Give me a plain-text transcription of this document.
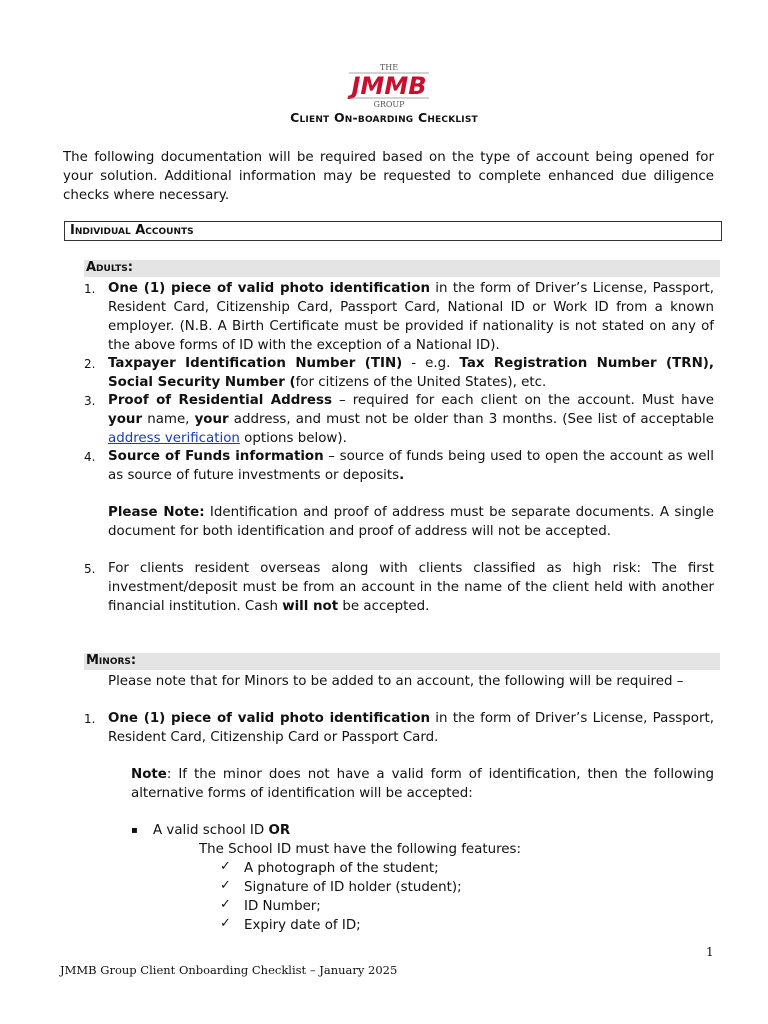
THE
JMMB
GROUP
Client On-boarding Checklist
The following documentation will be required based on the type of account being opened for your solution. Additional information may be requested to complete enhanced due diligence checks where necessary.
Individual Accounts
Adults:
1. One (1) piece of valid photo identification in the form of Driver’s License, Passport, Resident Card, Citizenship Card, Passport Card, National ID or Work ID from a known employer. (N.B. A Birth Certificate must be provided if nationality is not stated on any of the above forms of ID with the exception of a National ID).
2. Taxpayer Identification Number (TIN) - e.g. Tax Registration Number (TRN), Social Security Number (for citizens of the United States), etc.
3. Proof of Residential Address – required for each client on the account. Must have your name, your address, and must not be older than 3 months. (See list of acceptable address verification options below).
4. Source of Funds information – source of funds being used to open the account as well as source of future investments or deposits.
Please Note: Identification and proof of address must be separate documents. A single document for both identification and proof of address will not be accepted.
5. For clients resident overseas along with clients classified as high risk: The first investment/deposit must be from an account in the name of the client held with another financial institution. Cash will not be accepted.
Minors:
Please note that for Minors to be added to an account, the following will be required –
1. One (1) piece of valid photo identification in the form of Driver’s License, Passport, Resident Card, Citizenship Card or Passport Card.
Note: If the minor does not have a valid form of identification, then the following alternative forms of identification will be accepted:
▪ A valid school ID OR
The School ID must have the following features:
✓ A photograph of the student;
✓ Signature of ID holder (student);
✓ ID Number;
✓ Expiry date of ID;
1
JMMB Group Client Onboarding Checklist – January 2025
